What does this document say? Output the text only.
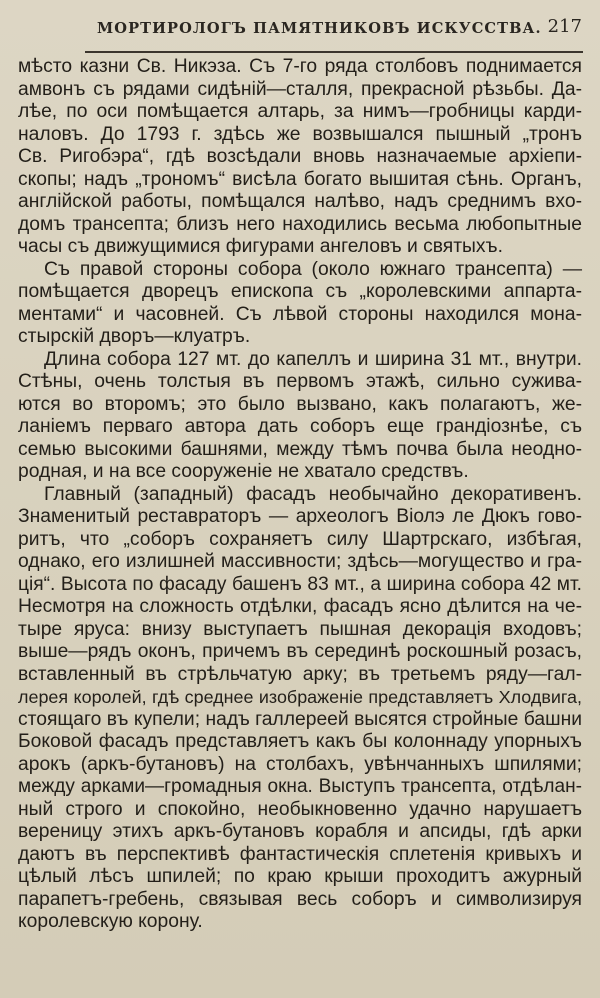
МОРТИРОЛОГЪ ПАМЯТНИКОВЪ ИСКУССТВА. 217
мѣсто казни Св. Никэза. Съ 7-го ряда столбовъ поднимается
амвонъ съ рядами сидѣній—сталля, прекрасной рѣзьбы. Да-
лѣе, по оси помѣщается алтарь, за нимъ—гробницы карди-
наловъ. До 1793 г. здѣсь же возвышался пышный „тронъ
Св. Ригобэра“, гдѣ возсѣдали вновь назначаемые архіепи-
скопы; надъ „трономъ“ висѣла богато вышитая сѣнь. Органъ,
англійской работы, помѣщался налѣво, надъ среднимъ вхо-
домъ трансепта; близъ него находились весьма любопытные
часы съ движущимися фигурами ангеловъ и святыхъ.
Съ правой стороны собора (около южнаго трансепта) —
помѣщается дворецъ епископа съ „королевскими аппарта-
ментами“ и часовней. Съ лѣвой стороны находился мона-
стырскій дворъ—клуатръ.
Длина собора 127 мт. до капеллъ и ширина 31 мт., внутри.
Стѣны, очень толстыя въ первомъ этажѣ, сильно сужива-
ются во второмъ; это было вызвано, какъ полагаютъ, же-
ланіемъ перваго автора дать соборъ еще грандіознѣе, съ
семью высокими башнями, между тѣмъ почва была неодно-
родная, и на все сооруженіе не хватало средствъ.
Главный (западный) фасадъ необычайно декоративенъ.
Знаменитый реставраторъ — археологъ Віолэ ле Дюкъ гово-
ритъ, что „соборъ сохраняетъ силу Шартрскаго, избѣгая,
однако, его излишней массивности; здѣсь—могущество и гра-
ція“. Высота по фасаду башенъ 83 мт., а ширина собора 42 мт.
Несмотря на сложность отдѣлки, фасадъ ясно дѣлится на че-
тыре яруса: внизу выступаетъ пышная декорація входовъ;
выше—рядъ оконъ, причемъ въ серединѣ роскошный розасъ,
вставленный въ стрѣльчатую арку; въ третьемъ ряду—гал-
лерея королей, гдѣ среднее изображеніе представляетъ Хлодвига,
стоящаго въ купели; надъ галлереей высятся стройные башни
Боковой фасадъ представляетъ какъ бы колоннаду упорныхъ
арокъ (аркъ-бутановъ) на столбахъ, увѣнчанныхъ шпилями;
между арками—громадныя окна. Выступъ трансепта, отдѣлан-
ный строго и спокойно, необыкновенно удачно нарушаетъ
вереницу этихъ аркъ-бутановъ корабля и апсиды, гдѣ арки
даютъ въ перспективѣ фантастическія сплетенія кривыхъ и
цѣлый лѣсъ шпилей; по краю крыши проходитъ ажурный
парапетъ-гребень, связывая весь соборъ и символизируя
королевскую корону.
